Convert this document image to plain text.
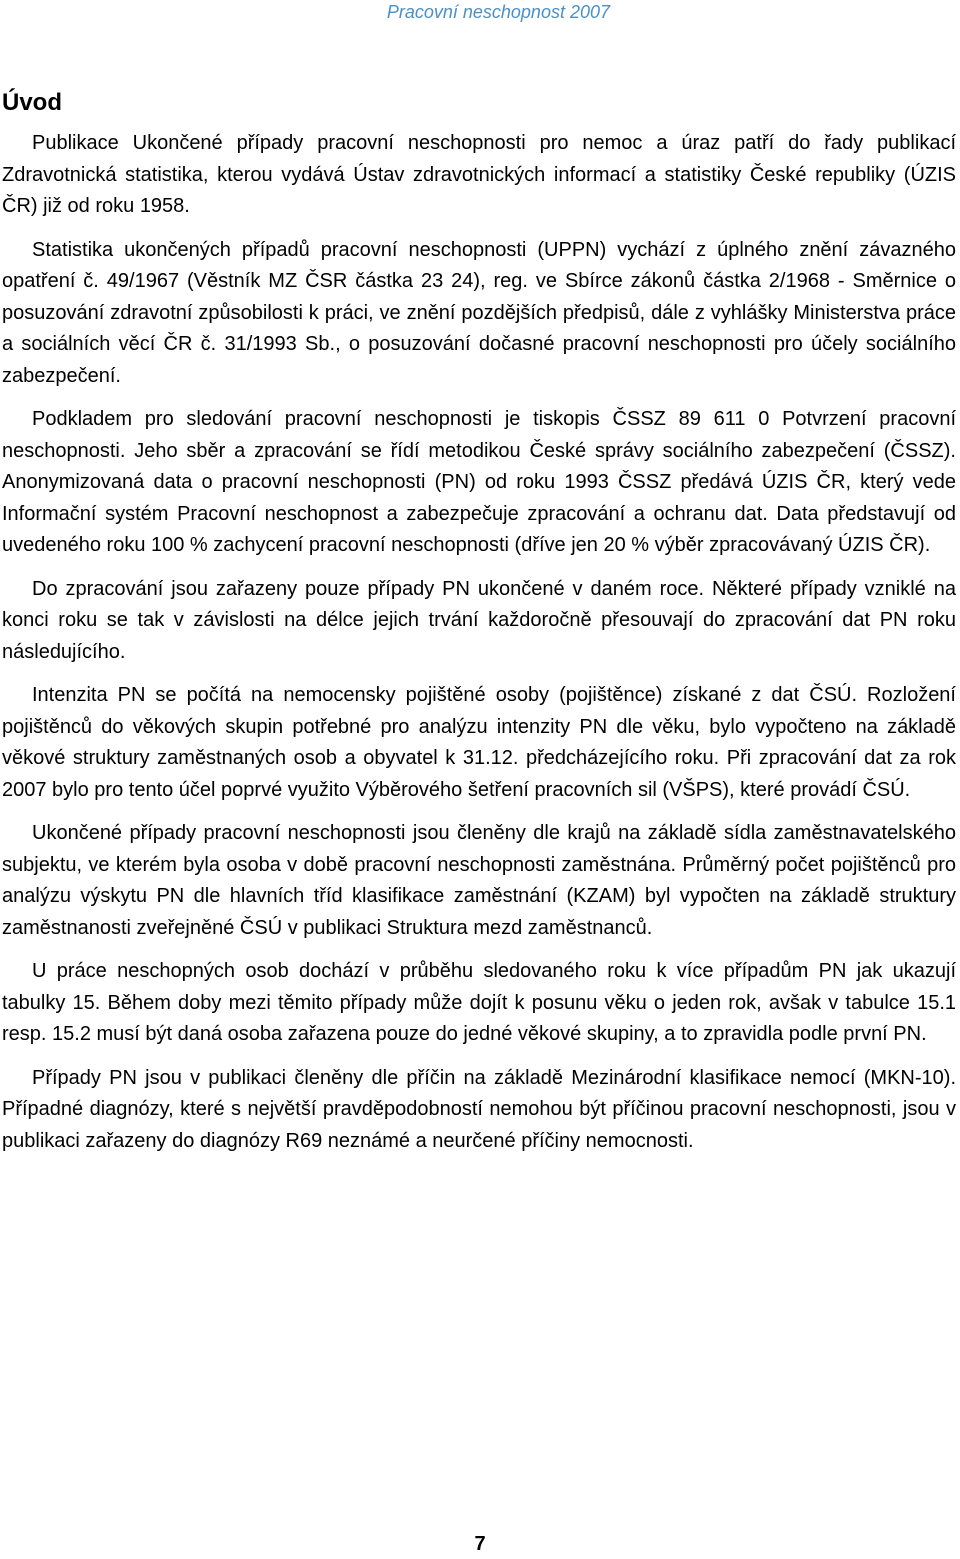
Pracovní neschopnost 2007
Úvod

Publikace Ukončené případy pracovní neschopnosti pro nemoc a úraz patří do řady publikací Zdravotnická statistika, kterou vydává Ústav zdravotnických informací a statistiky České republiky (ÚZIS ČR) již od roku 1958.

Statistika ukončených případů pracovní neschopnosti (UPPN) vychází z úplného znění závazného opatření č. 49/1967 (Věstník MZ ČSR částka 23 24), reg. ve Sbírce zákonů částka 2/1968 - Směrnice o posuzování zdravotní způsobilosti k práci, ve znění pozdějších předpisů, dále z vyhlášky Ministerstva práce a sociálních věcí ČR č. 31/1993 Sb., o posuzování dočasné pracovní neschopnosti pro účely sociálního zabezpečení.

Podkladem pro sledování pracovní neschopnosti je tiskopis ČSSZ 89 611 0 Potvrzení pracovní neschopnosti. Jeho sběr a zpracování se řídí metodikou České správy sociálního zabezpečení (ČSSZ). Anonymizovaná data o pracovní neschopnosti (PN) od roku 1993 ČSSZ předává ÚZIS ČR, který vede Informační systém Pracovní neschopnost a zabezpečuje zpracování a ochranu dat. Data představují od uvedeného roku 100 % zachycení pracovní neschopnosti (dříve jen 20 % výběr zpracovávaný ÚZIS ČR).

Do zpracování jsou zařazeny pouze případy PN ukončené v daném roce. Některé případy vzniklé na konci roku se tak v závislosti na délce jejich trvání každoročně přesouvají do zpracování dat PN roku následujícího.

Intenzita PN se počítá na nemocensky pojištěné osoby (pojištěnce) získané z dat ČSÚ. Rozložení pojištěnců do věkových skupin potřebné pro analýzu intenzity PN dle věku, bylo vypočteno na základě věkové struktury zaměstnaných osob a obyvatel k 31.12. předcházejícího roku. Při zpracování dat za rok 2007 bylo pro tento účel poprvé využito Výběrového šetření pracovních sil (VŠPS), které provádí ČSÚ.

Ukončené případy pracovní neschopnosti jsou členěny dle krajů na základě sídla zaměstnavatelského subjektu, ve kterém byla osoba v době pracovní neschopnosti zaměstnána. Průměrný počet pojištěnců pro analýzu výskytu PN dle hlavních tříd klasifikace zaměstnání (KZAM) byl vypočten na základě struktury zaměstnanosti zveřejněné ČSÚ v publikaci Struktura mezd zaměstnanců.

U práce neschopných osob dochází v průběhu sledovaného roku k více případům PN jak ukazují tabulky 15. Během doby mezi těmito případy může dojít k posunu věku o jeden rok, avšak v tabulce 15.1 resp. 15.2 musí být daná osoba zařazena pouze do jedné věkové skupiny, a to zpravidla podle první PN.

Případy PN jsou v publikaci členěny dle příčin na základě Mezinárodní klasifikace nemocí (MKN-10). Případné diagnózy, které s největší pravděpodobností nemohou být příčinou pracovní neschopnosti, jsou v publikaci zařazeny do diagnózy R69 neznámé a neurčené příčiny nemocnosti.

7
